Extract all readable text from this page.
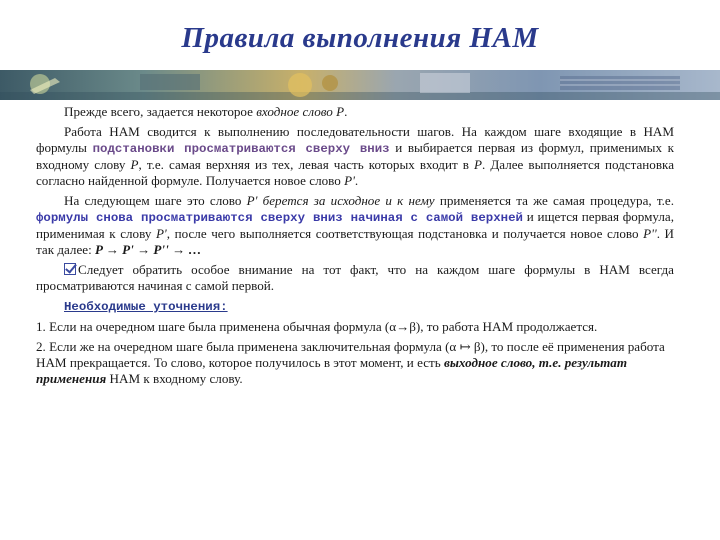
Правила выполнения НАМ

Прежде всего, задается некоторое входное слово P.

Работа НАМ сводится к выполнению последовательности шагов. На каждом шаге входящие в НАМ формулы подстановки просматриваются сверху вниз и выбирается первая из формул, применимых к входному слову P, т.е. самая верхняя из тех, левая часть которых входит в P. Далее выполняется подстановка согласно найденной формуле. Получается новое слово P'.

На следующем шаге это слово P' берется за исходное и к нему применяется та же самая процедура, т.е. формулы снова просматриваются сверху вниз начиная с самой верхней и ищется первая формула, применимая к слову P', после чего выполняется соответствующая подстановка и получается новое слово P''. И так далее: P → P' → P'' → …

Следует обратить особое внимание на тот факт, что на каждом шаге формулы в НАМ всегда просматриваются начиная с самой первой.

Необходимые уточнения:

1. Если на очередном шаге была применена обычная формула (α→β), то работа НАМ продолжается.

2. Если же на очередном шаге была применена заключительная формула (α ↦ β), то после её применения работа НАМ прекращается. То слово, которое получилось в этот момент, и есть выходное слово, т.е. результат применения НАМ к входному слову.
